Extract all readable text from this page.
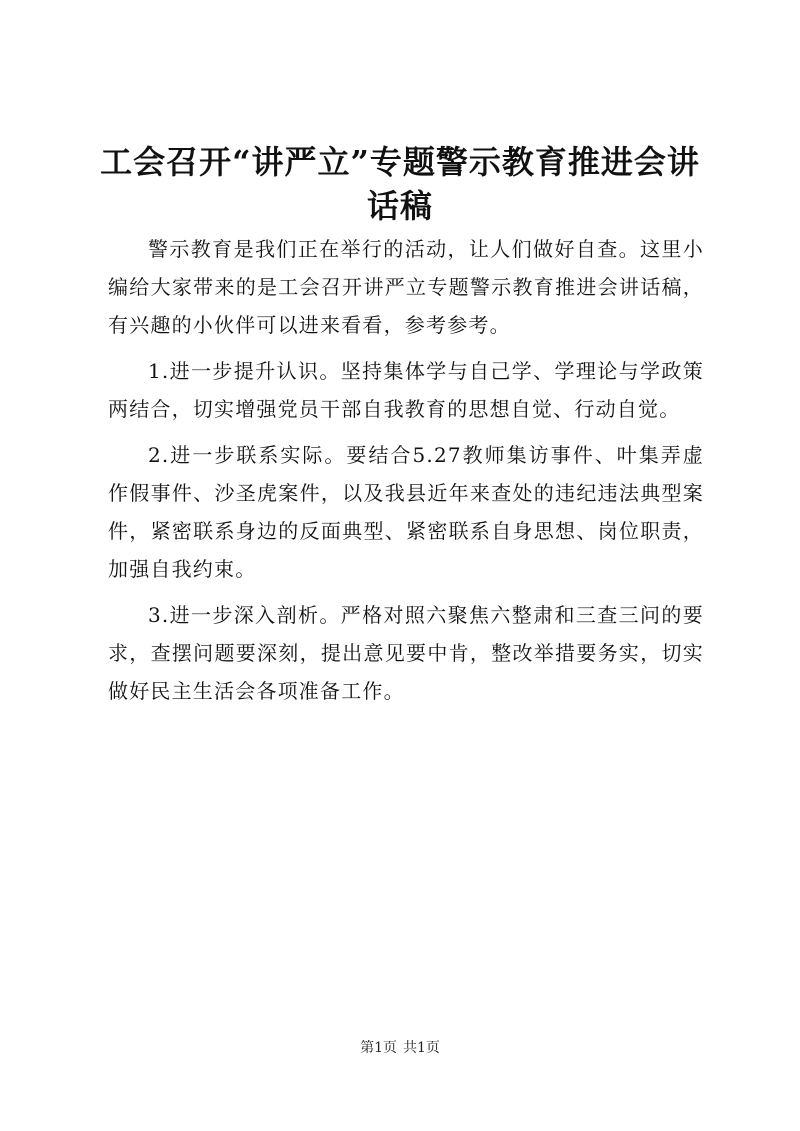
工会召开“讲严立”专题警示教育推进会讲话稿

警示教育是我们正在举行的活动，让人们做好自查。这里小编给大家带来的是工会召开讲严立专题警示教育推进会讲话稿，有兴趣的小伙伴可以进来看看，参考参考。

1.进一步提升认识。坚持集体学与自己学、学理论与学政策两结合，切实增强党员干部自我教育的思想自觉、行动自觉。

2.进一步联系实际。要结合5.27教师集访事件、叶集弄虚作假事件、沙圣虎案件，以及我县近年来查处的违纪违法典型案件，紧密联系身边的反面典型、紧密联系自身思想、岗位职责，加强自我约束。

3.进一步深入剖析。严格对照六聚焦六整肃和三查三问的要求，查摆问题要深刻，提出意见要中肯，整改举措要务实，切实做好民主生活会各项准备工作。

第1页 共1页
